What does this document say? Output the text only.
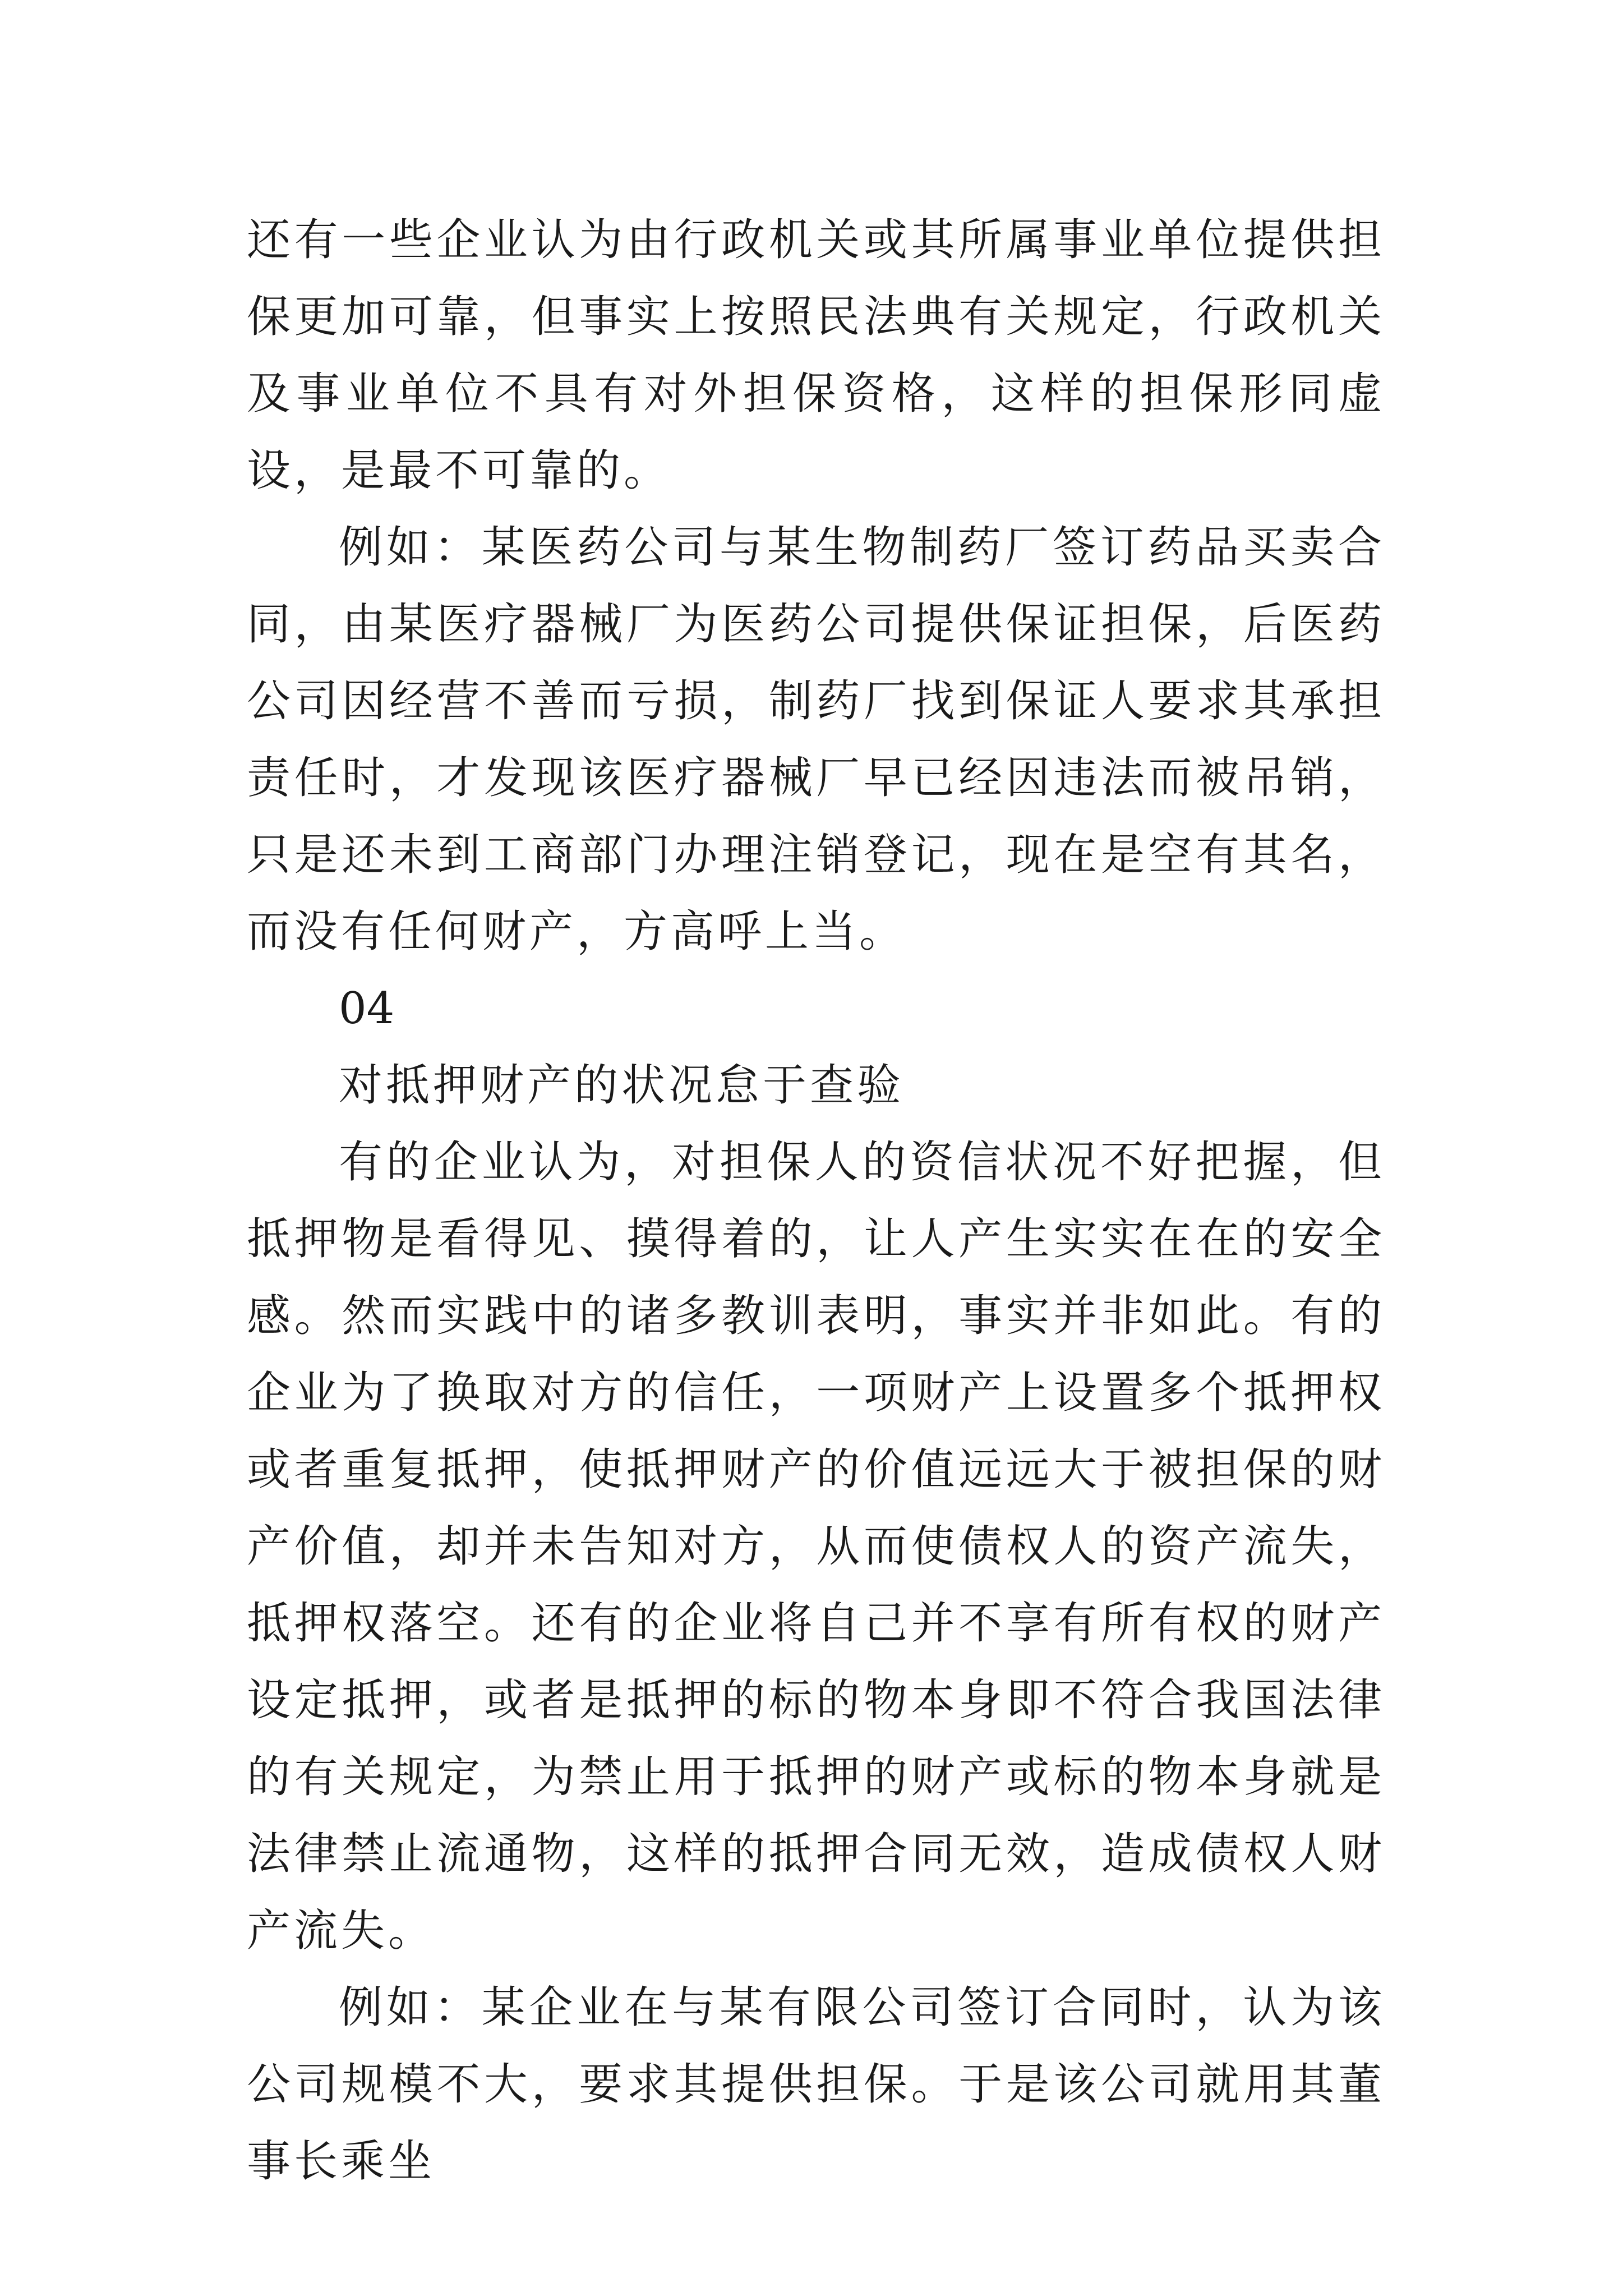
还有一些企业认为由行政机关或其所属事业单位提供担保更加可靠，但事实上按照民法典有关规定，行政机关及事业单位不具有对外担保资格，这样的担保形同虚设，是最不可靠的。

例如：某医药公司与某生物制药厂签订药品买卖合同，由某医疗器械厂为医药公司提供保证担保，后医药公司因经营不善而亏损，制药厂找到保证人要求其承担责任时，才发现该医疗器械厂早已经因违法而被吊销，只是还未到工商部门办理注销登记，现在是空有其名，而没有任何财产，方高呼上当。

04

对抵押财产的状况怠于查验

有的企业认为，对担保人的资信状况不好把握，但抵押物是看得见、摸得着的，让人产生实实在在的安全感。然而实践中的诸多教训表明，事实并非如此。有的企业为了换取对方的信任，一项财产上设置多个抵押权或者重复抵押，使抵押财产的价值远远大于被担保的财产价值，却并未告知对方，从而使债权人的资产流失，抵押权落空。还有的企业将自己并不享有所有权的财产设定抵押，或者是抵押的标的物本身即不符合我国法律的有关规定，为禁止用于抵押的财产或标的物本身就是法律禁止流通物，这样的抵押合同无效，造成债权人财产流失。

例如：某企业在与某有限公司签订合同时，认为该公司规模不大，要求其提供担保。于是该公司就用其董事长乘坐
